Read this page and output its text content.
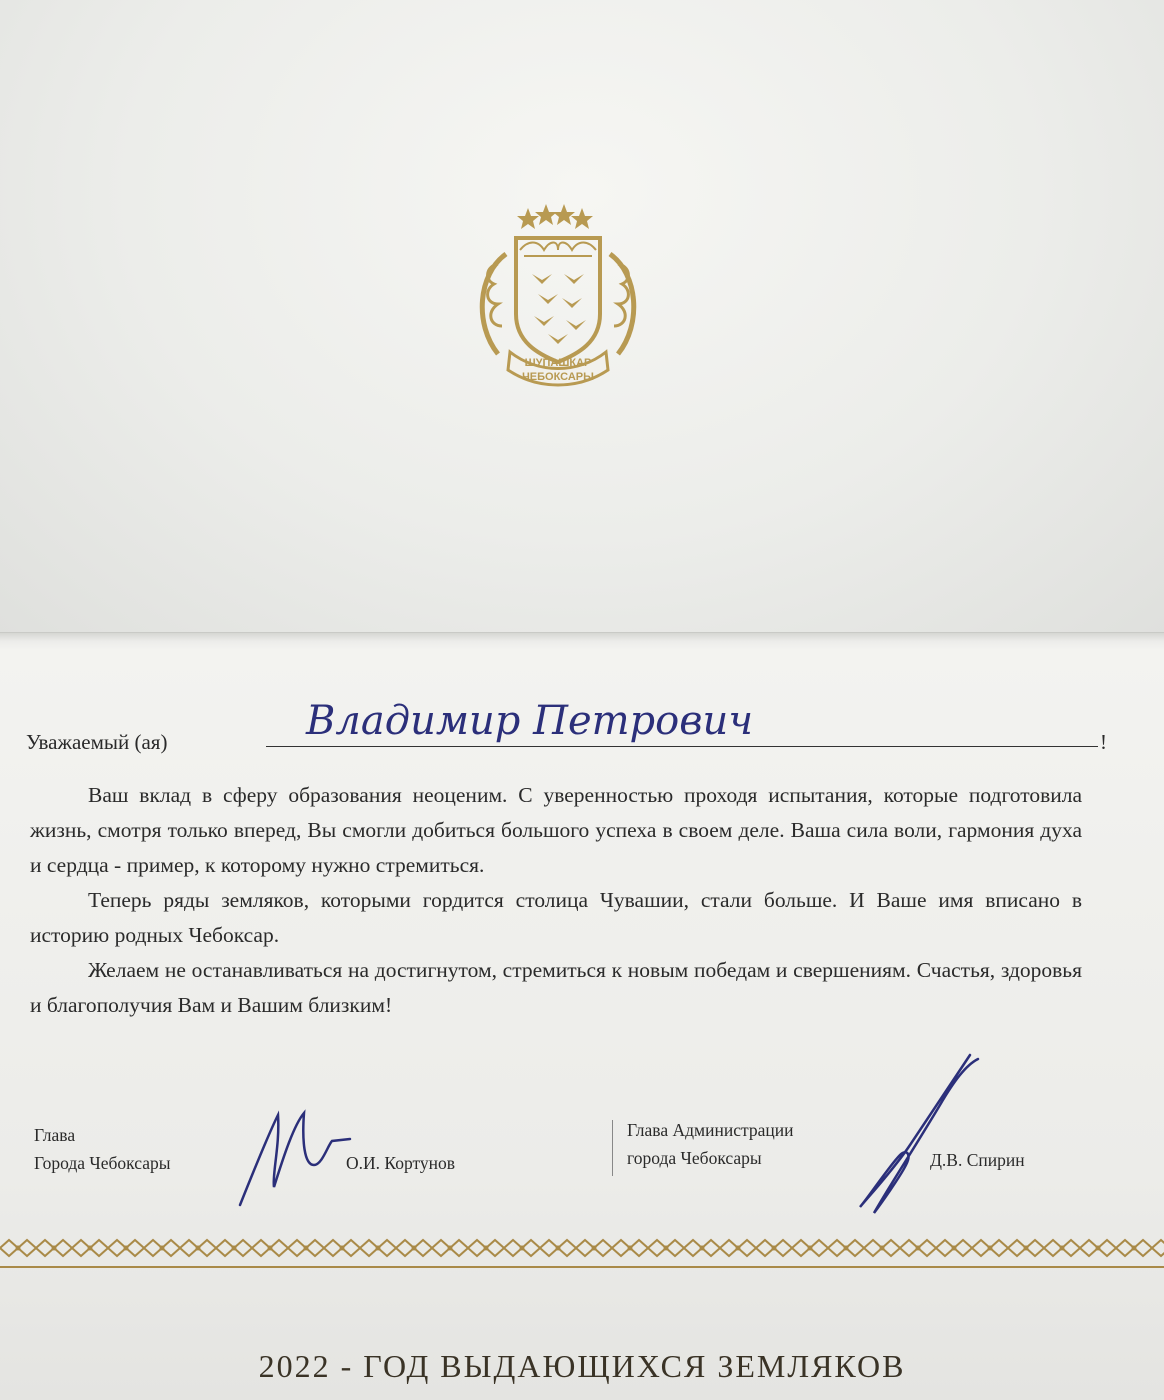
ШУПАШКАР
ЧЕБОКСАРЫ
Уважаемый (ая)	Владимир Петрович	!

Ваш вклад в сферу образования неоценим. С уверенностью проходя испытания, которые подготовила жизнь, смотря только вперед, Вы смогли добиться большого успеха в своем деле. Ваша сила воли, гармония духа и сердца - пример, к которому нужно стремиться.

Теперь ряды земляков, которыми гордится столица Чувашии, стали больше. И Ваше имя вписано в историю родных Чебоксар.

Желаем не останавливаться на достигнутом, стремиться к новым победам и свершениям. Счастья, здоровья и благополучия Вам и Вашим близким!

Глава
Города Чебоксары	О.И. Кортунов
Глава Администрации
города Чебоксары	Д.В. Спирин
2022 - ГОД ВЫДАЮЩИХСЯ ЗЕМЛЯКОВ
